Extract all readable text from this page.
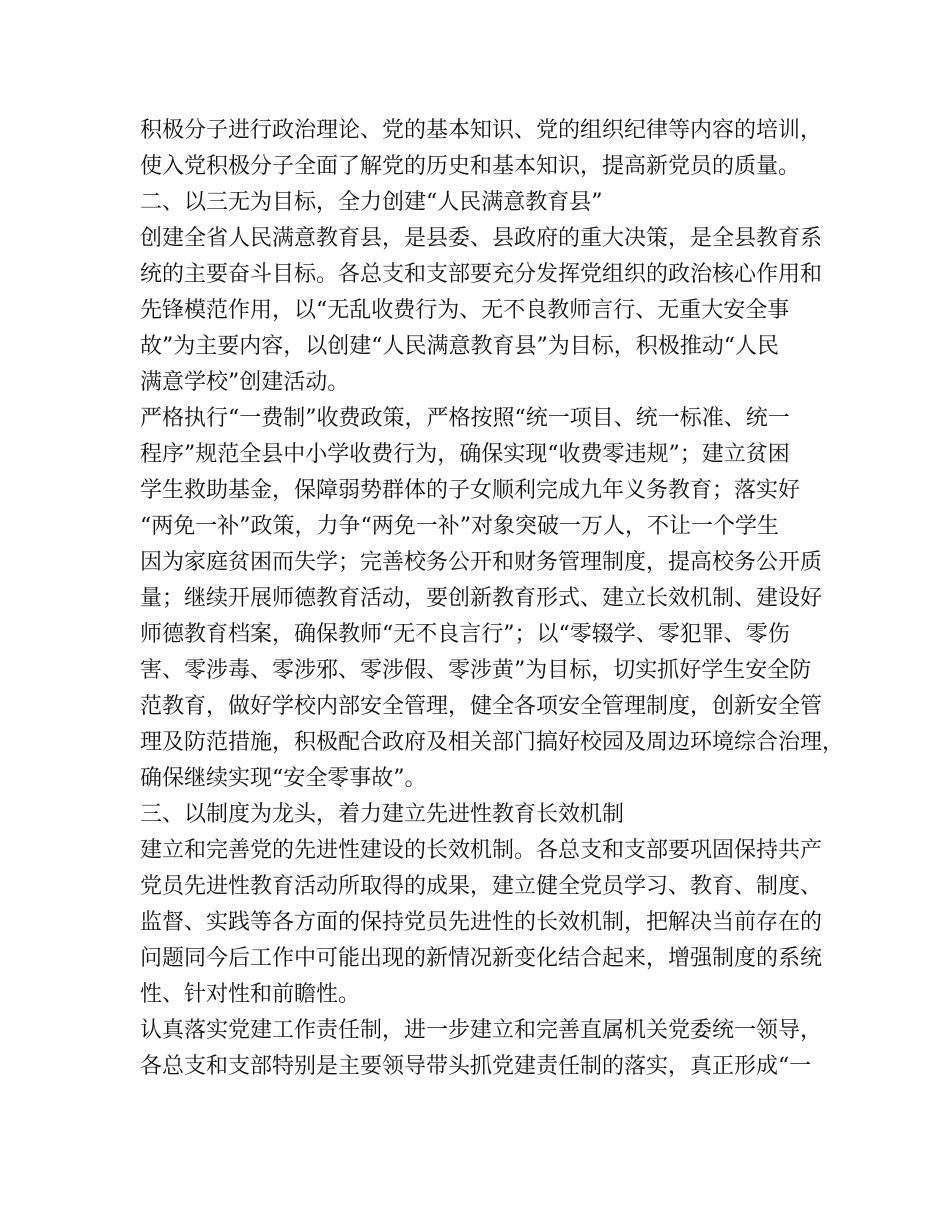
积极分子进行政治理论、党的基本知识、党的组织纪律等内容的培训，
使入党积极分子全面了解党的历史和基本知识，提高新党员的质量。
二、以三无为目标，全力创建“人民满意教育县”
创建全省人民满意教育县，是县委、县政府的重大决策，是全县教育系
统的主要奋斗目标。各总支和支部要充分发挥党组织的政治核心作用和
先锋模范作用，以“无乱收费行为、无不良教师言行、无重大安全事
故”为主要内容，以创建“人民满意教育县”为目标，积极推动“人民
满意学校”创建活动。
严格执行“一费制”收费政策，严格按照“统一项目、统一标准、统一
程序”规范全县中小学收费行为，确保实现“收费零违规”；建立贫困
学生救助基金，保障弱势群体的子女顺利完成九年义务教育；落实好
“两免一补”政策，力争“两免一补”对象突破一万人，不让一个学生
因为家庭贫困而失学；完善校务公开和财务管理制度，提高校务公开质
量；继续开展师德教育活动，要创新教育形式、建立长效机制、建设好
师德教育档案，确保教师“无不良言行”；以“零辍学、零犯罪、零伤
害、零涉毒、零涉邪、零涉假、零涉黄”为目标，切实抓好学生安全防
范教育，做好学校内部安全管理，健全各项安全管理制度，创新安全管
理及防范措施，积极配合政府及相关部门搞好校园及周边环境综合治理，
确保继续实现“安全零事故”。
三、以制度为龙头，着力建立先进性教育长效机制
建立和完善党的先进性建设的长效机制。各总支和支部要巩固保持共产
党员先进性教育活动所取得的成果，建立健全党员学习、教育、制度、
监督、实践等各方面的保持党员先进性的长效机制，把解决当前存在的
问题同今后工作中可能出现的新情况新变化结合起来，增强制度的系统
性、针对性和前瞻性。
认真落实党建工作责任制，进一步建立和完善直属机关党委统一领导，
各总支和支部特别是主要领导带头抓党建责任制的落实，真正形成“一
